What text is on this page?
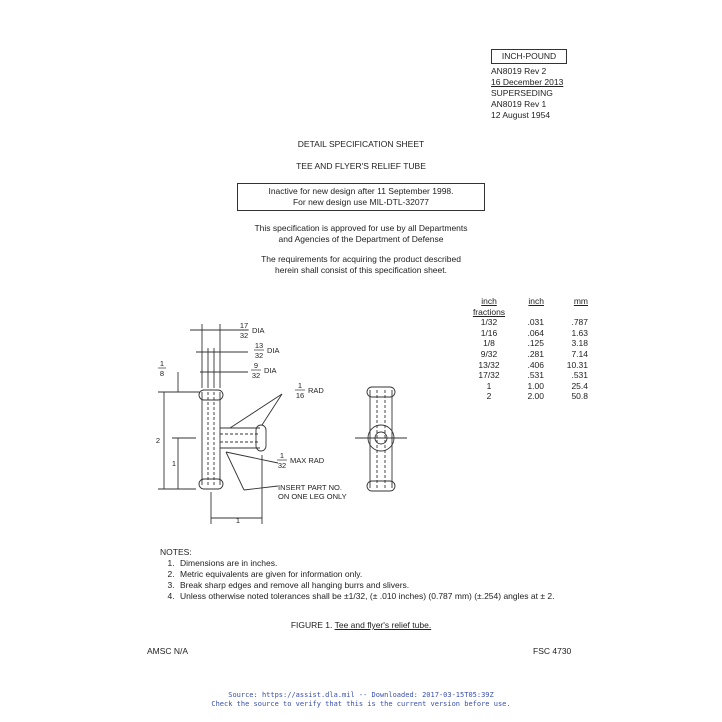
INCH-POUND
AN8019 Rev 2
16 December 2013
SUPERSEDING
AN8019 Rev 1
12 August 1954
DETAIL SPECIFICATION SHEET
TEE AND FLYER'S RELIEF TUBE
Inactive for new design after 11 September 1998.
For new design use MIL-DTL-32077
This specification is approved for use by all Departments
and Agencies of the Department of Defense
The requirements for acquiring the product described
herein shall consist of this specification sheet.
inch	inch	mm
fractions		
1/32	.031	.787
1/16	.064	1.63
1/8	.125	3.18
9/32	.281	7.14
13/32	.406	10.31
17/32	.531	.531
1	1.00	25.4
2	2.00	50.8
17
32
DIA
13
32
DIA
9
32
DIA
1
8
1
16
RAD
1
32
MAX RAD
2
1
1
INSERT PART NO.
ON ONE LEG ONLY
NOTES:
1. Dimensions are in inches.
2. Metric equivalents are given for information only.
3. Break sharp edges and remove all hanging burrs and slivers.
4. Unless otherwise noted tolerances shall be ±1/32, (± .010 inches) (0.787 mm) (±.254) angles at ± 2.
FIGURE 1. Tee and flyer's relief tube.
AMSC N/A	FSC 4730
Source: https://assist.dla.mil -- Downloaded: 2017-03-15T05:39Z
Check the source to verify that this is the current version before use.
